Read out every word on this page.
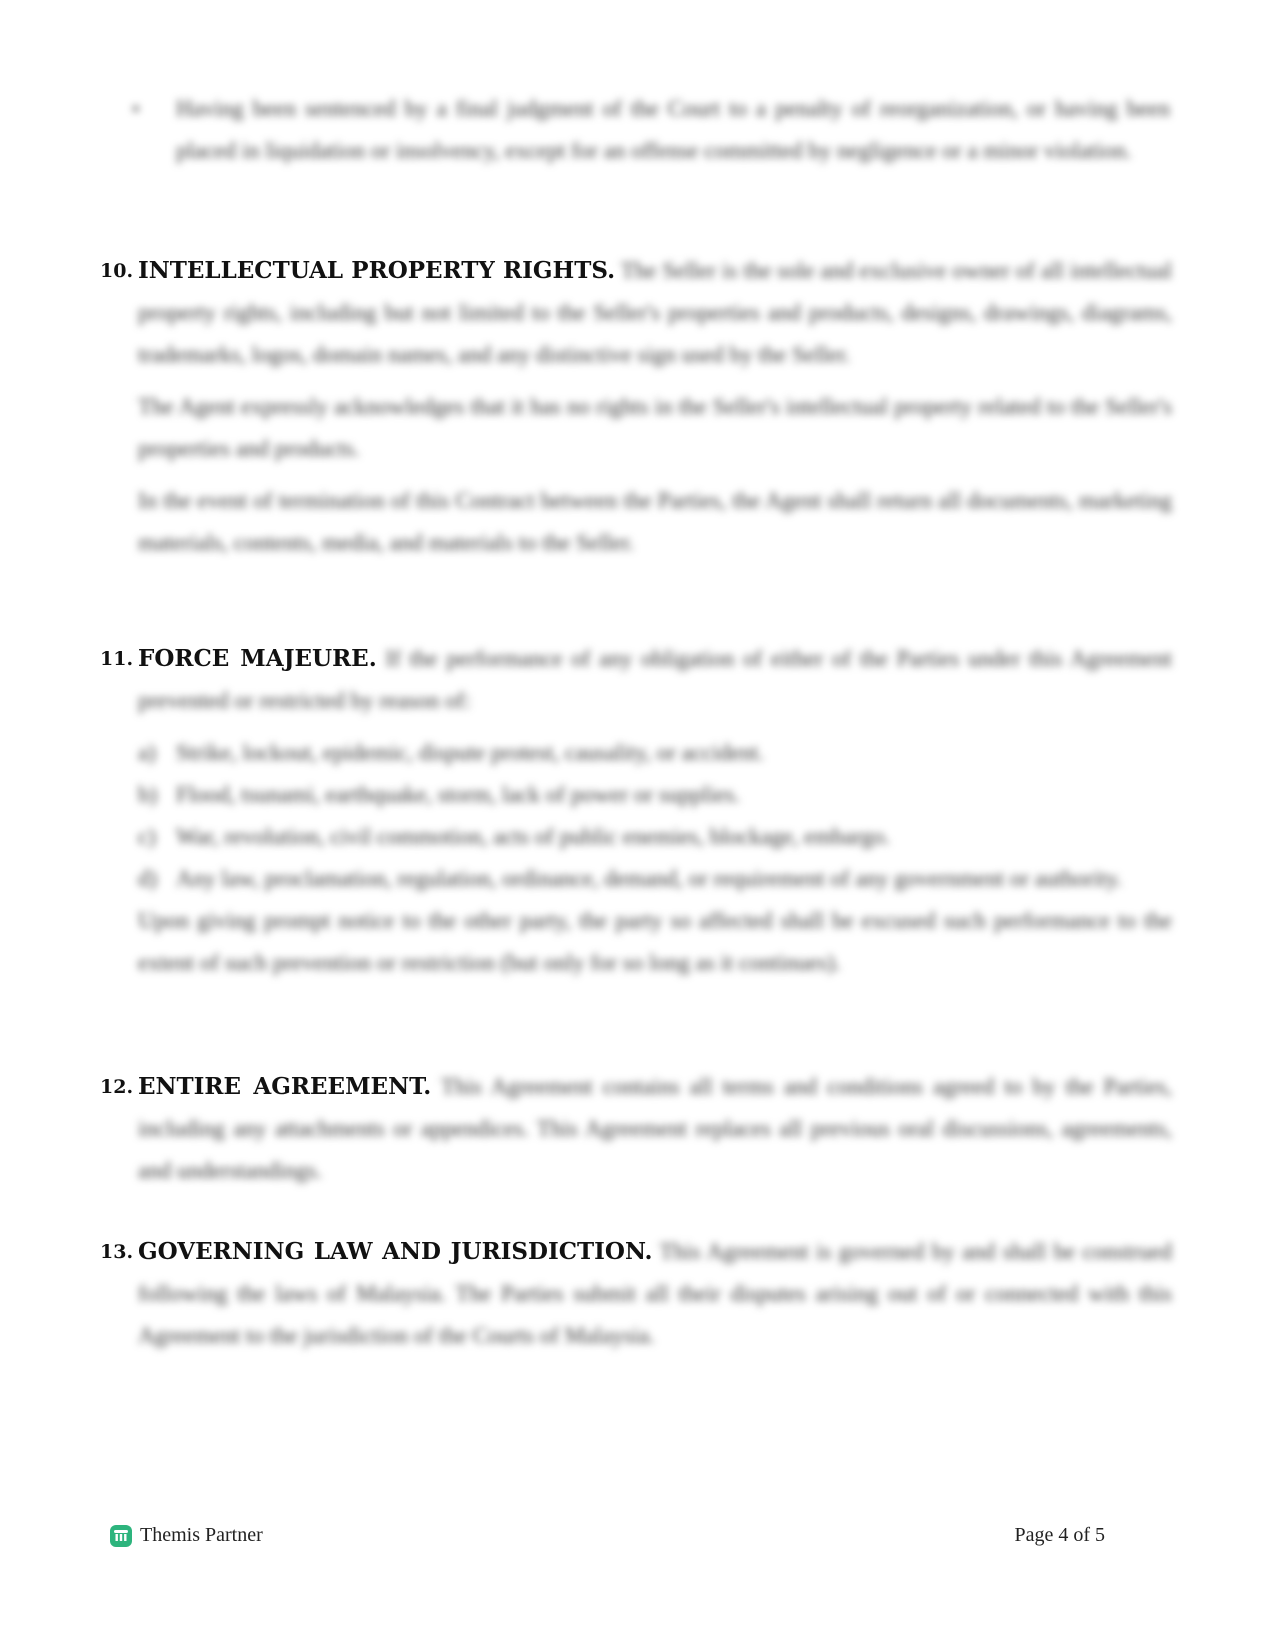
• Having been sentenced by a final judgment of the Court to a penalty of reorganization, or having been placed in liquidation or insolvency, except for an offense committed by negligence or a minor violation.
10. INTELLECTUAL PROPERTY RIGHTS. The Seller is the sole and exclusive owner of all intellectual property rights, including but not limited to the Seller's properties and products, designs, drawings, diagrams, trademarks, logos, domain names, and any distinctive sign used by the Seller.

The Agent expressly acknowledges that it has no rights in the Seller's intellectual property related to the Seller's properties and products.

In the event of termination of this Contract between the Parties, the Agent shall return all documents, marketing materials, contents, media, and materials to the Seller.

11. FORCE MAJEURE. If the performance of any obligation of either of the Parties under this Agreement prevented or restricted by reason of:

a) Strike, lockout, epidemic, dispute protest, causality, or accident.
b) Flood, tsunami, earthquake, storm, lack of power or supplies.
c) War, revolution, civil commotion, acts of public enemies, blockage, embargo.
d) Any law, proclamation, regulation, ordinance, demand, or requirement of any government or authority.

Upon giving prompt notice to the other party, the party so affected shall be excused such performance to the extent of such prevention or restriction (but only for so long as it continues).

12. ENTIRE AGREEMENT. This Agreement contains all terms and conditions agreed to by the Parties, including any attachments or appendices. This Agreement replaces all previous oral discussions, agreements, and understandings.

13. GOVERNING LAW AND JURISDICTION. This Agreement is governed by and shall be construed following the laws of Malaysia. The Parties submit all their disputes arising out of or connected with this Agreement to the jurisdiction of the Courts of Malaysia.

Themis Partner	Page 4 of 5
